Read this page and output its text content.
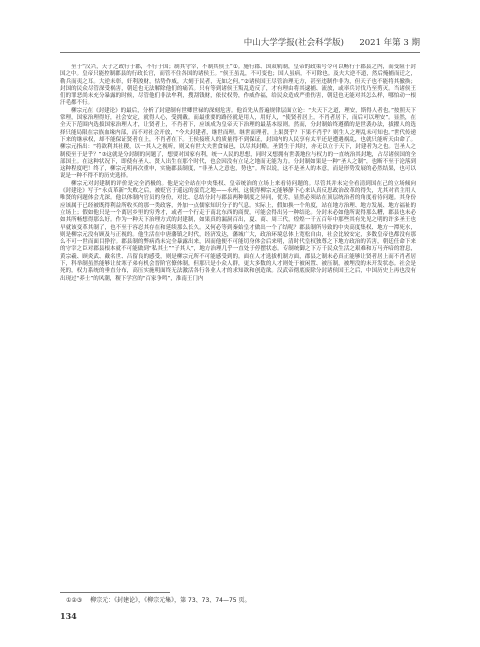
中山大学学报(社会科学版) 2021 年第 3 期

至于“汉兴，天子之政行于郡，不行于国；制其守宰，不制其侯王”①。施行郡、国双轨制，皇帝的政策号令可以畅行于郡县之内，而受阻于封国之中。皇帝只能控制郡县的行政长官，而管不住各国的诸侯王。“侯王虽乱，不可变也；国人虽病，不可除也。及夫大逆不道，然后掩捕而迁之，勒兵而夷之耳。大逆未彰，奸利浚财，怙势作威，大刻于民者，无如之何。”②诸侯国王尽管治理无方，甚至违制作非为，但天子也不能将其撤换；封国的民众尽管深受祸害，朝廷也无法解除他们的痛苦。只有等到诸侯王叛乱造反了，才有理由将其逮捕、流放，或率兵讨伐乃至剪灭。当诸侯王们的罪恶尚未充分暴露的时候，尽管他们非法牟利，搜刮钱财，依仗权势，作威作福，给民众造成严重伤害，朝廷也无能对其怎么样，哪怕动一根汗毛都不行。

柳宗元在《封建论》的最后，分析了封建制有世卿世禄的深刻危害。他首先从普遍规律层面立论：“夫天下之道，理安，斯得人者也。”按照天下常理，国家治理得好，社会安定，就得人心，受拥戴。而最重要的路径就是用人，用好人，“使贤者居上，不肖者居下，而后可以理安”。显然，在全天下范围内选拔国家治理人才，让贤者上，不肖者下，应该成为皇帝天下治理的最基本原则。然而，分封制始终遵循的是世袭办法，拔擢人的选择只能局限在宗族血缘内部，而不对社会开放，“今夫封建者，继世而理。继世而理者，上果贤乎？下果不肖乎？则生人之理乱未可知也。”世代传递下来的继承权，却不能保证贤者在上，不肖者在下。王侯接班人的质量得不到保证，封国内的人民享有太平还是遭遇祸乱，也就只能听天由命了。柳宗元指出：“将欲利其社稷，以一其人之视听，则又有世大夫世食禄邑，以尽其封略。圣贤生于其时，亦无以立于天下，封建者为之也。岂圣人之制使至于是乎？”③这就是分封制的问题了，想要对国家有利，统一人民的思想，同时又想拥有世袭地位与权力的一直统治其封地，占尽诸侯国的全部国土。在这种状况下，即使有圣人、贤人出生在那个时代，也会因没有立足之地而无能为力。分封制如果是一种“圣人之制”，也断不至于沦落到这种程度吧！终了，柳宗元明再次重申，实施郡县制度，“非圣人之意也，势也”。所以说，这不是圣人的本意，而是形势发展的必然结果，也可以说是一种不得不的历史选择。

柳宗元对封建制的评价是完全消极的。他是完全站在中央集权、皇帝统治的立场上来看待问题的。尽管其并未完全看清到国在己的立场倾向《封建论》写于“永贞革新”失败之后，被贬官于遥远的蛮荒之地——永州，这使得柳宗元能够静下心来认真反思政治改革的得失，尤其对君主用人唯贤的问题体会尤深。他以体制内官员的身份，对比、总结分封与郡县两种制度之异同，优劣，显然必须站在顶层统治者的角度看待问题。其身份应该属于已经被既得利益所收买的那一类政客，外加一点儒家知识分子的气息。实际上，假如换一个角度，站在地方治理、地方发展、地方福祉的立场上；假如他只是一个离居乡里的穷秀才，或者一个行走于南北东西的商贾，可能会得出另一种结论。分封未必如他所说得那么糟，郡县也未必如其所畅想得那么好。作为一种天下治理方式的封建制，如果真的漏洞百出，夏、商、周三代，煌煌一千五百年中那些其有先见之明的许多圣王也早就该变革其制了，也不至于容忍其存在和延续那么长久。又何必等到秦始皇才做出一个了结呢？郡县制所导致的中央高度集权、地方一潭死水，则是柳宗元没有顾及与正视的。他生活在中唐藩镇之时代，经济发达，藩城广大，政治环境总体上宽松自由，社会比较安定，多数皇帝也都没有那么不可一世而面目狰狞。郡县制的弊病尚未完全暴露出来，因而他便不可能切身体会后来明，清时代皇权独尊之下地方政治的苦害，朝廷任命下来的守宰之臣对郡县根本就不可能做到“私其土”“子其人”，地方治理几乎一直处于停摆状态。专制统御之下万千民众生活之艰难和万马齐喑的窘息，黄宗羲、顾炎武、戴名世、吕留良的感受，则是柳宗元所不可能感受到的。面在人才选拔机制方面，郡县之制未必真正能够让贤者居上而不肖者居下，科举制虽然能够让贫寒子弟有机会晋阶官僚体制，但那只是小众人群，更大多数的人才则处于被闲置、被压制，被埋没的未开发状态。社会是死的，权力系统的垂直分布，高压实施明面终无法激活各行各业人才的求知欲和创造欲。汉武帝彻底废除分封诸侯国王之后，中国历史上再也没有出现过“养士”的风潮，稷下学宫的“百家争鸣”，淮南王门内

①②③ 柳宗元：《封建论》，《柳宗元集》，第 73、73、74—75 页。
134
